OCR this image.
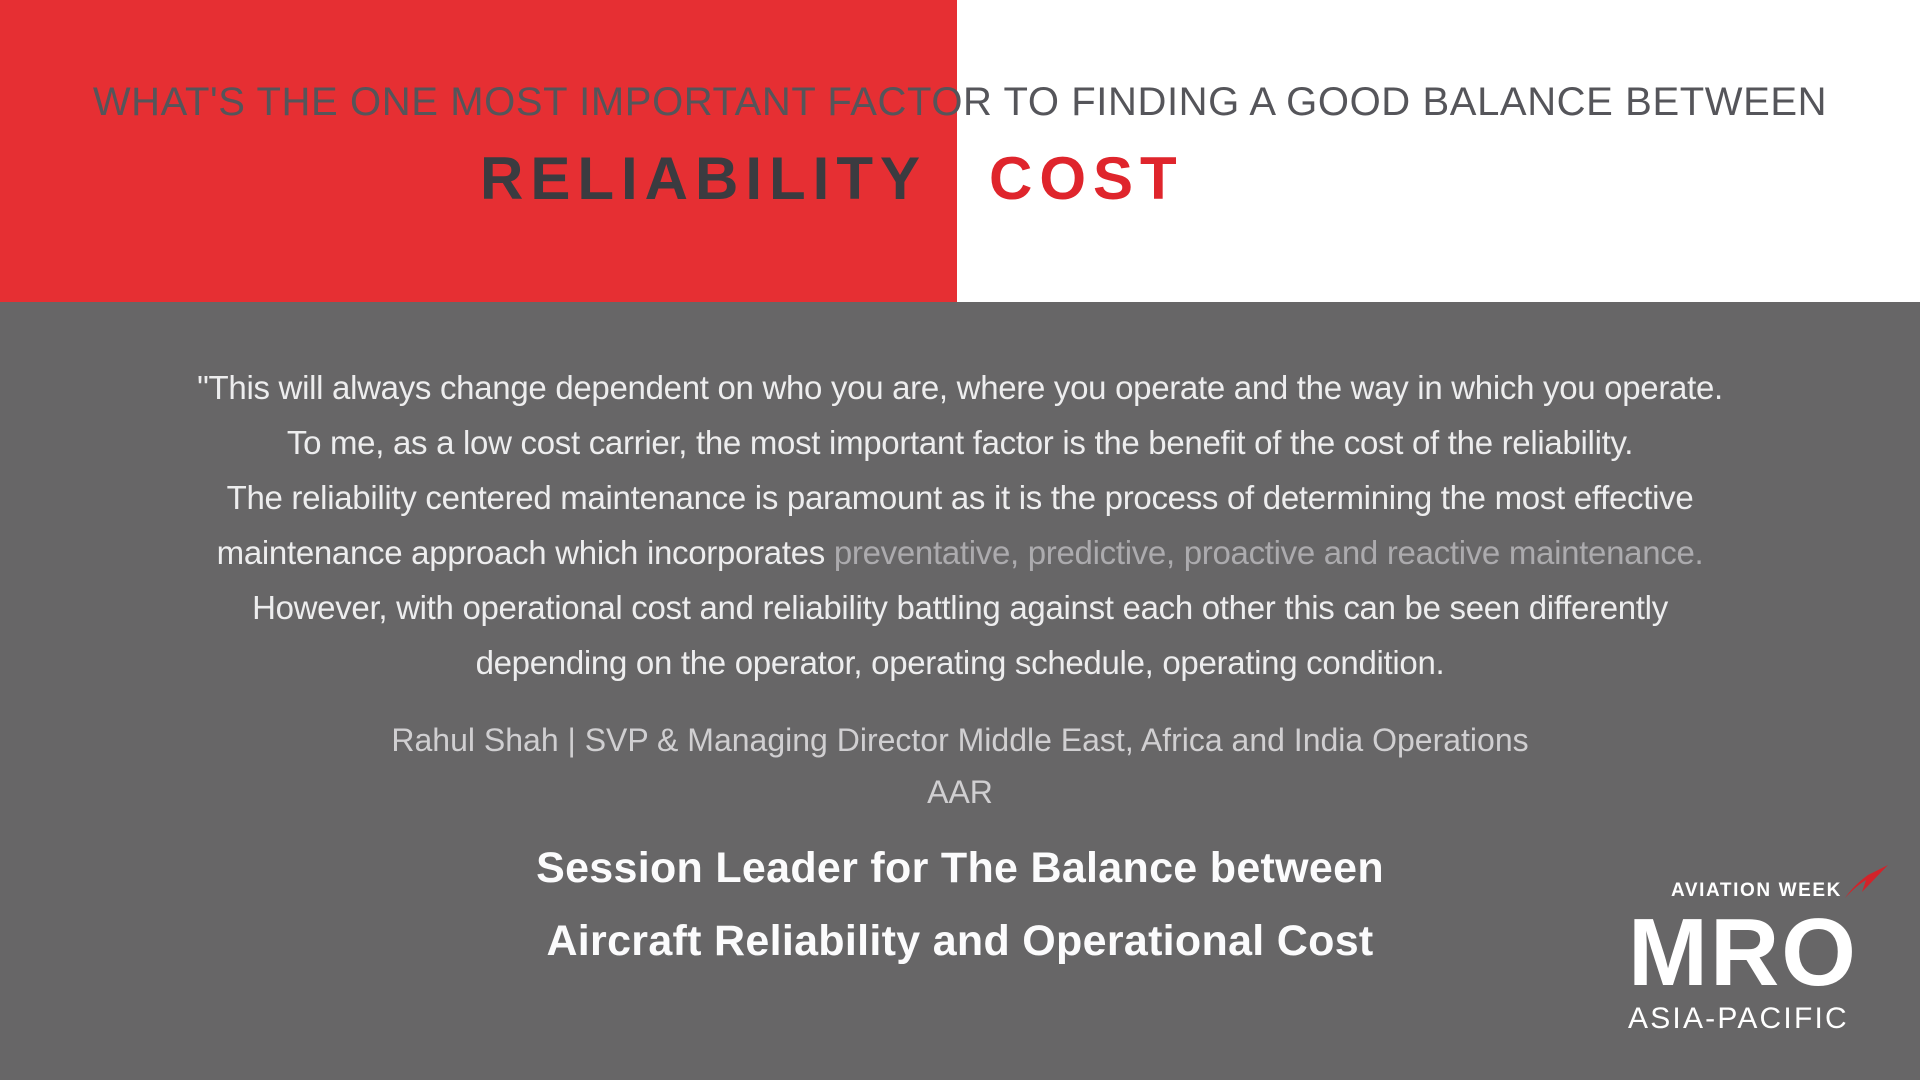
WHAT'S THE ONE MOST IMPORTANT FACTOR TO FINDING A GOOD BALANCE BETWEEN
RELIABILITY	COST
"This will always change dependent on who you are, where you operate and the way in which you operate.
To me, as a low cost carrier, the most important factor is the benefit of the cost of the reliability.
The reliability centered maintenance is paramount as it is the process of determining the most effective
maintenance approach which incorporates preventative, predictive, proactive and reactive maintenance.
However, with operational cost and reliability battling against each other this can be seen differently
depending on the operator, operating schedule, operating condition.
Rahul Shah | SVP & Managing Director Middle East, Africa and India Operations
AAR
Session Leader for The Balance between
Aircraft Reliability and Operational Cost
AVIATION WEEK
MRO
ASIA-PACIFIC
